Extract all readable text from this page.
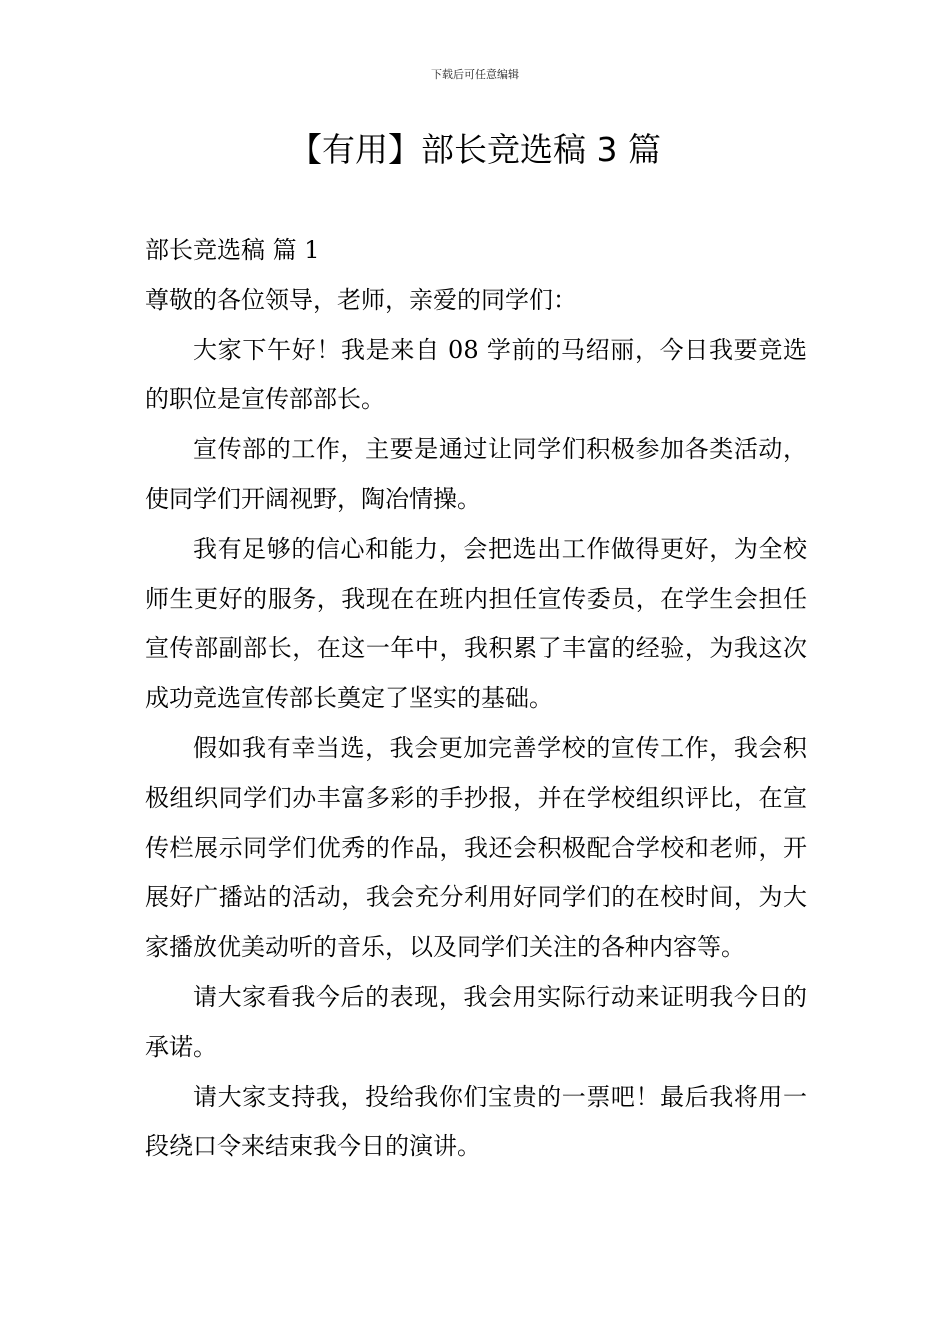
下载后可任意编辑
【有用】部长竞选稿 3 篇

部长竞选稿 篇 1

尊敬的各位领导，老师，亲爱的同学们：

大家下午好！我是来自 08 学前的马绍丽，今日我要竞选的职位是宣传部部长。

宣传部的工作，主要是通过让同学们积极参加各类活动，使同学们开阔视野，陶冶情操。

我有足够的信心和能力，会把选出工作做得更好，为全校师生更好的服务，我现在在班内担任宣传委员，在学生会担任宣传部副部长，在这一年中，我积累了丰富的经验，为我这次成功竞选宣传部长奠定了坚实的基础。

假如我有幸当选，我会更加完善学校的宣传工作，我会积极组织同学们办丰富多彩的手抄报，并在学校组织评比，在宣传栏展示同学们优秀的作品，我还会积极配合学校和老师，开展好广播站的活动，我会充分利用好同学们的在校时间，为大家播放优美动听的音乐，以及同学们关注的各种内容等。

请大家看我今后的表现，我会用实际行动来证明我今日的承诺。

请大家支持我，投给我你们宝贵的一票吧！最后我将用一段绕口令来结束我今日的演讲。
